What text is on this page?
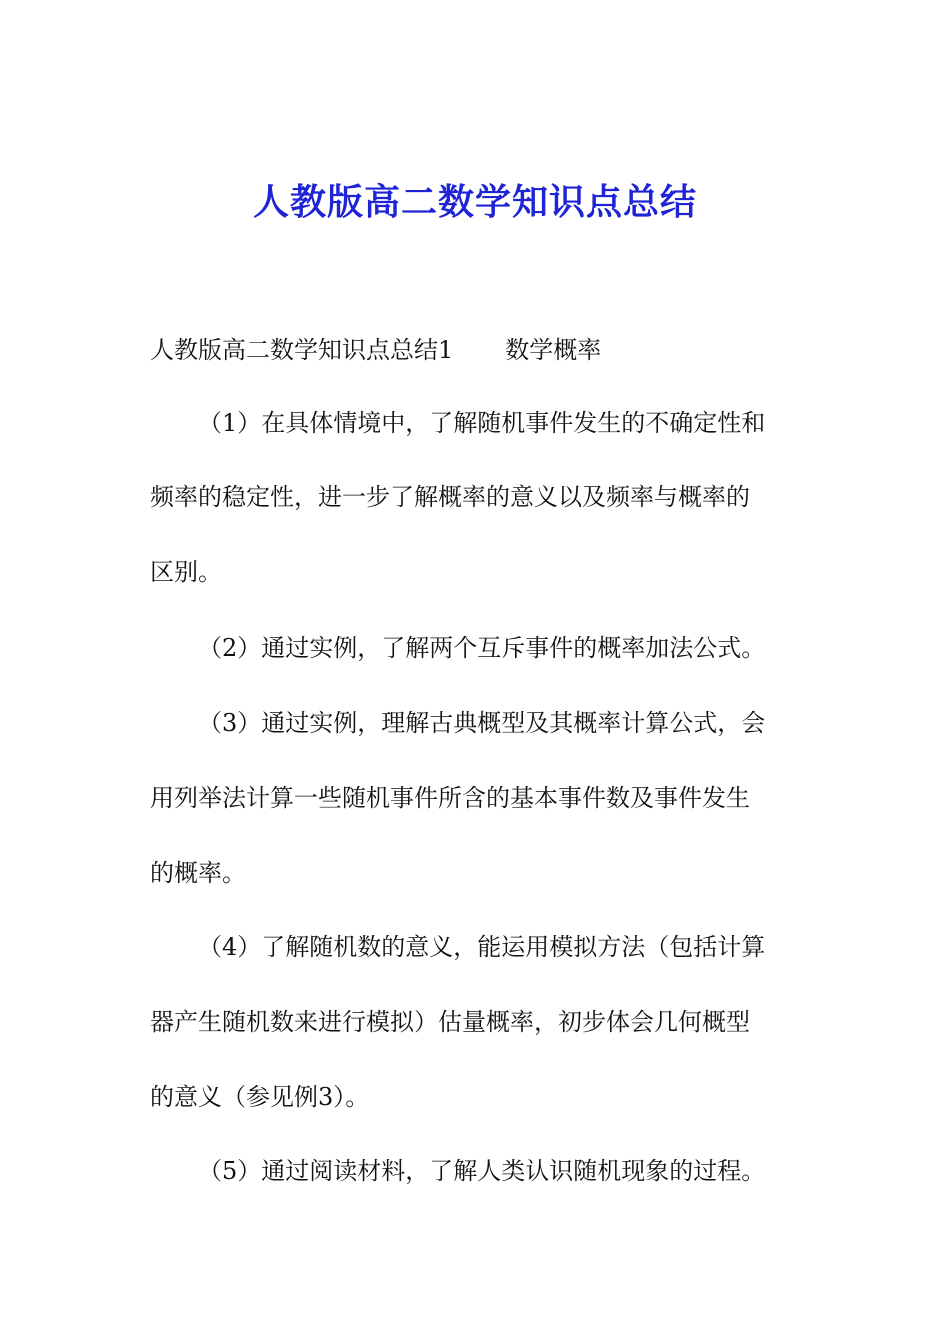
人教版高二数学知识点总结
人教版高二数学知识点总结1 数学概率
（1）在具体情境中，了解随机事件发生的不确定性和
频率的稳定性，进一步了解概率的意义以及频率与概率的
区别。
（2）通过实例，了解两个互斥事件的概率加法公式。
（3）通过实例，理解古典概型及其概率计算公式，会
用列举法计算一些随机事件所含的基本事件数及事件发生
的概率。
（4）了解随机数的意义，能运用模拟方法（包括计算
器产生随机数来进行模拟）估量概率，初步体会几何概型
的意义（参见例3）。
（5）通过阅读材料，了解人类认识随机现象的过程。
